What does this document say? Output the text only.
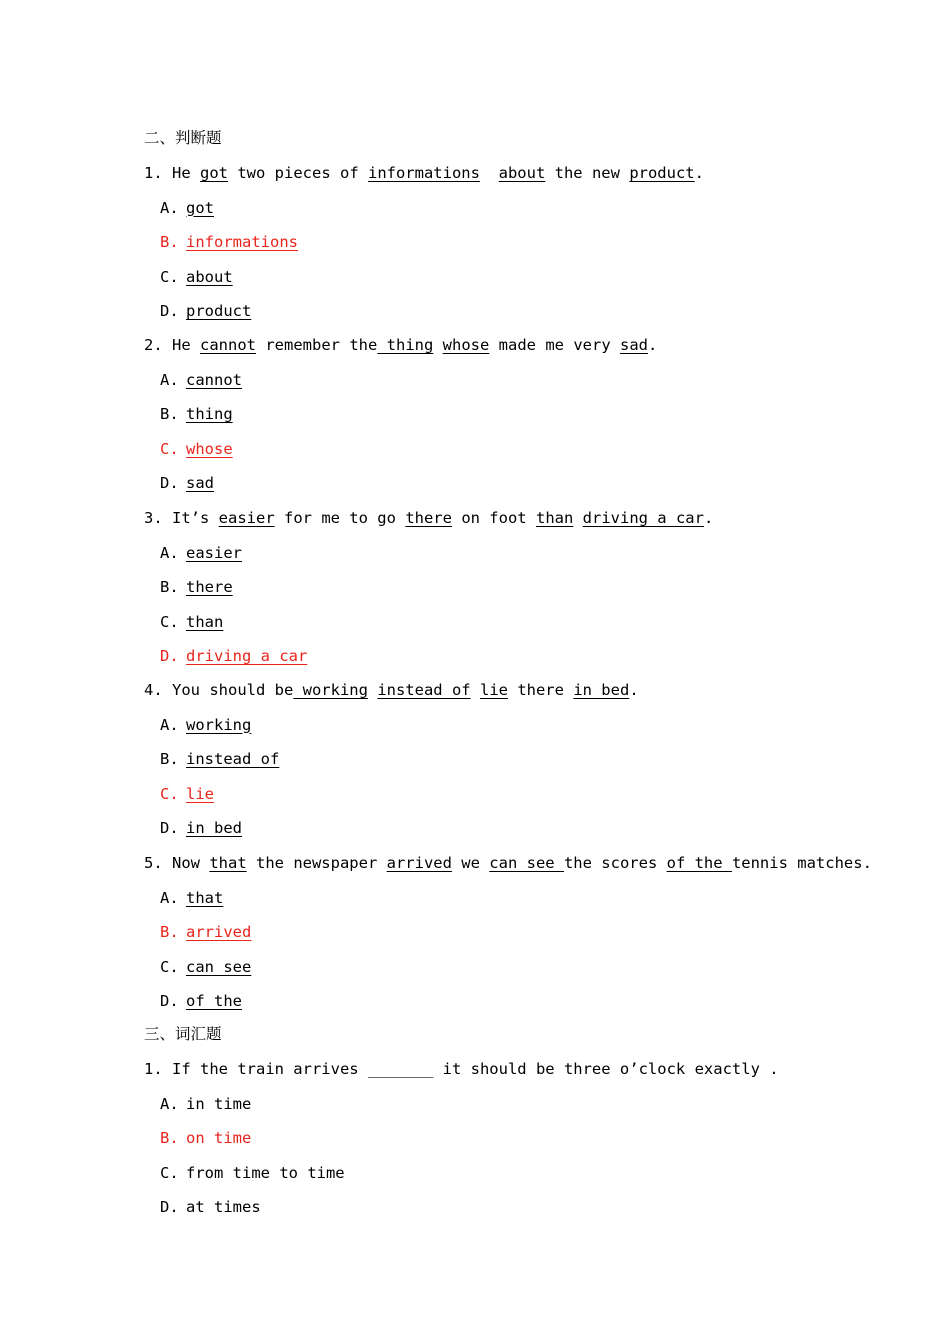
二、判断题
三、词汇题
1. He got two pieces of informations about the new product.
A. got
B. informations
C. about
D. product
2. He cannot remember the thing whose made me very sad.
A. cannot
B. thing
C. whose
D. sad
3. It’s easier for me to go there on foot than driving a car.
A. easier
B. there
C. than
D. driving a car
4. You should be working instead of lie there in bed.
A. working
B. instead of
C. lie
D. in bed
5. Now that the newspaper arrived we can see the scores of the tennis matches.
A. that
B. arrived
C. can see
D. of the
1. If the train arrives _______ it should be three o’clock exactly .
A. in time
B. on time
C. from time to time
D. at times
